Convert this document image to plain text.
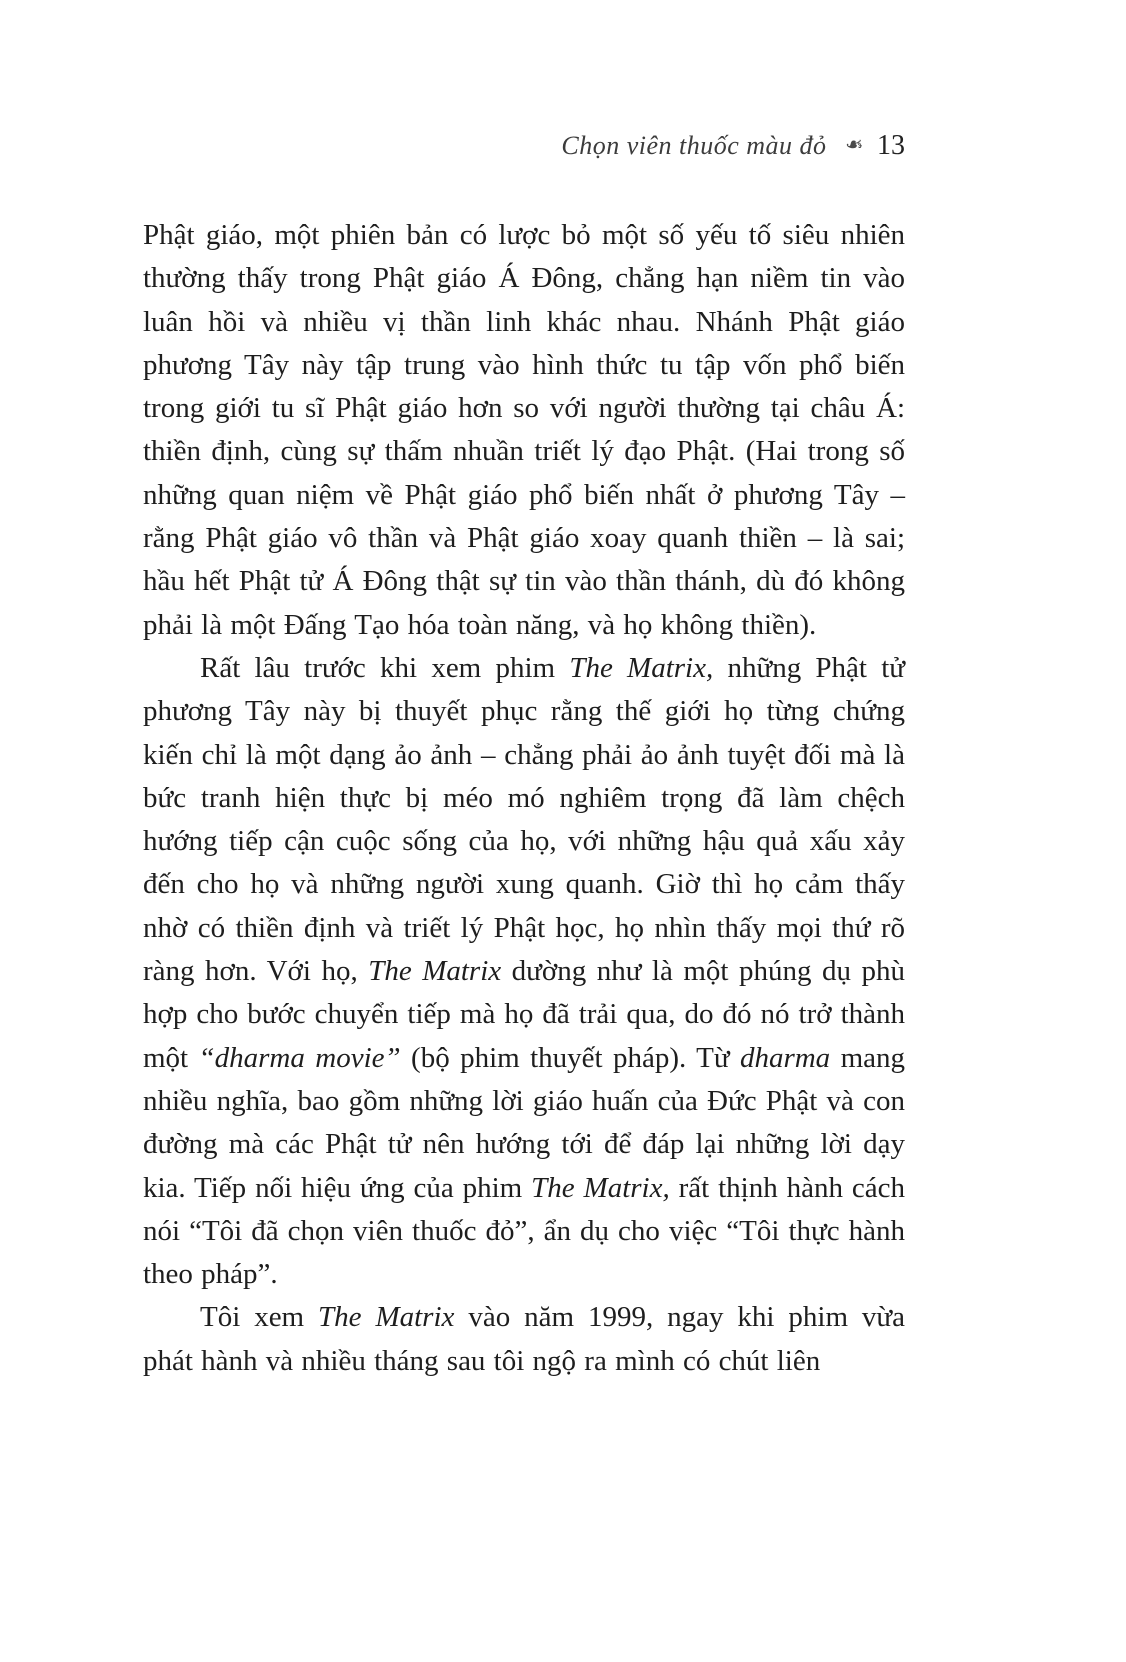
Chọn viên thuốc màu đỏ ❧ 13

Phật giáo, một phiên bản có lược bỏ một số yếu tố siêu nhiên thường thấy trong Phật giáo Á Đông, chẳng hạn niềm tin vào luân hồi và nhiều vị thần linh khác nhau. Nhánh Phật giáo phương Tây này tập trung vào hình thức tu tập vốn phổ biến trong giới tu sĩ Phật giáo hơn so với người thường tại châu Á: thiền định, cùng sự thấm nhuần triết lý đạo Phật. (Hai trong số những quan niệm về Phật giáo phổ biến nhất ở phương Tây – rằng Phật giáo vô thần và Phật giáo xoay quanh thiền – là sai; hầu hết Phật tử Á Đông thật sự tin vào thần thánh, dù đó không phải là một Đấng Tạo hóa toàn năng, và họ không thiền).

Rất lâu trước khi xem phim The Matrix, những Phật tử phương Tây này bị thuyết phục rằng thế giới họ từng chứng kiến chỉ là một dạng ảo ảnh – chẳng phải ảo ảnh tuyệt đối mà là bức tranh hiện thực bị méo mó nghiêm trọng đã làm chệch hướng tiếp cận cuộc sống của họ, với những hậu quả xấu xảy đến cho họ và những người xung quanh. Giờ thì họ cảm thấy nhờ có thiền định và triết lý Phật học, họ nhìn thấy mọi thứ rõ ràng hơn. Với họ, The Matrix dường như là một phúng dụ phù hợp cho bước chuyển tiếp mà họ đã trải qua, do đó nó trở thành một “dharma movie” (bộ phim thuyết pháp). Từ dharma mang nhiều nghĩa, bao gồm những lời giáo huấn của Đức Phật và con đường mà các Phật tử nên hướng tới để đáp lại những lời dạy kia. Tiếp nối hiệu ứng của phim The Matrix, rất thịnh hành cách nói “Tôi đã chọn viên thuốc đỏ”, ẩn dụ cho việc “Tôi thực hành theo pháp”.

Tôi xem The Matrix vào năm 1999, ngay khi phim vừa phát hành và nhiều tháng sau tôi ngộ ra mình có chút liên
